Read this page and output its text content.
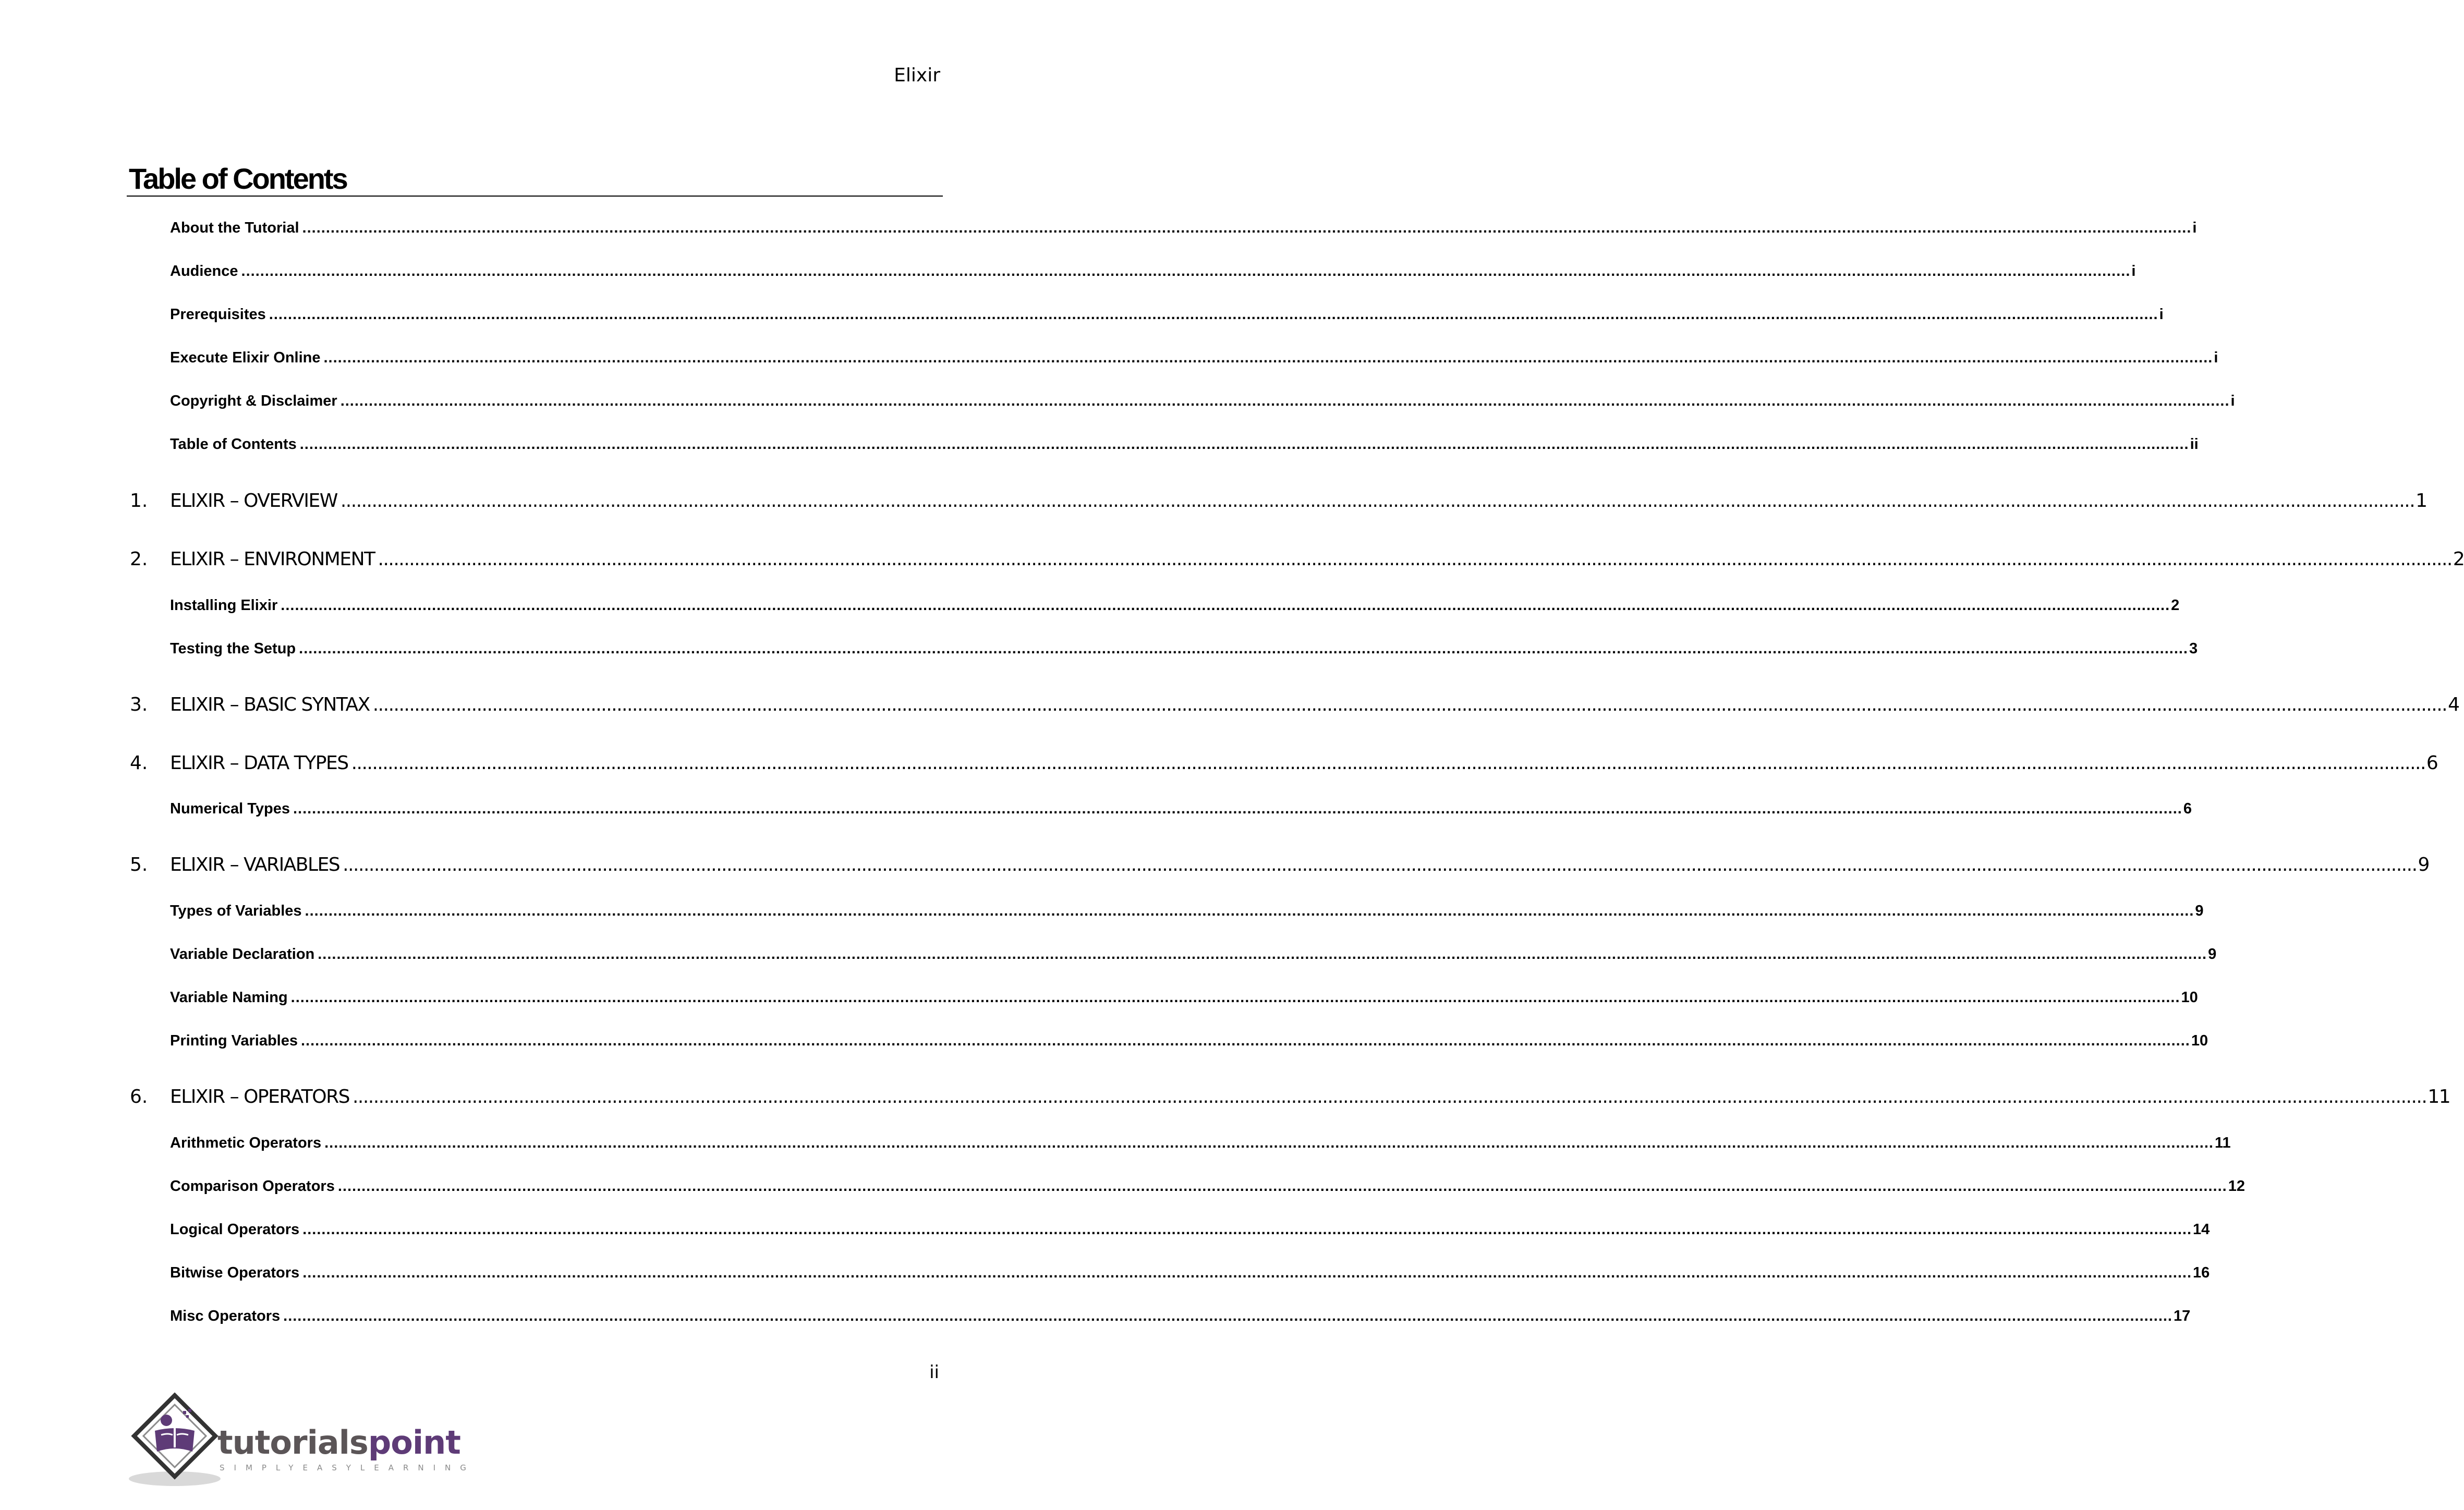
Elixir
Table of Contents
About the Tutorial ................................................................................................................................................................................................................................................................................................................................................................................................................ i
Audience ................................................................................................................................................................................................................................................................................................................................................................................................................ i
Prerequisites ................................................................................................................................................................................................................................................................................................................................................................................................................ i
Execute Elixir Online ................................................................................................................................................................................................................................................................................................................................................................................................................ i
Copyright & Disclaimer ................................................................................................................................................................................................................................................................................................................................................................................................................ i
Table of Contents ................................................................................................................................................................................................................................................................................................................................................................................................................ ii
1. ELIXIR – OVERVIEW ................................................................................................................................................................................................................................................................................................................................................................................................................ 1
2. ELIXIR – ENVIRONMENT ................................................................................................................................................................................................................................................................................................................................................................................................................ 2
Installing Elixir ................................................................................................................................................................................................................................................................................................................................................................................................................ 2
Testing the Setup ................................................................................................................................................................................................................................................................................................................................................................................................................ 3
3. ELIXIR – BASIC SYNTAX ................................................................................................................................................................................................................................................................................................................................................................................................................ 4
4. ELIXIR – DATA TYPES ................................................................................................................................................................................................................................................................................................................................................................................................................ 6
Numerical Types ................................................................................................................................................................................................................................................................................................................................................................................................................ 6
5. ELIXIR – VARIABLES ................................................................................................................................................................................................................................................................................................................................................................................................................ 9
Types of Variables ................................................................................................................................................................................................................................................................................................................................................................................................................ 9
Variable Declaration ................................................................................................................................................................................................................................................................................................................................................................................................................ 9
Variable Naming ................................................................................................................................................................................................................................................................................................................................................................................................................ 10
Printing Variables ................................................................................................................................................................................................................................................................................................................................................................................................................ 10
6. ELIXIR – OPERATORS ................................................................................................................................................................................................................................................................................................................................................................................................................ 11
Arithmetic Operators ................................................................................................................................................................................................................................................................................................................................................................................................................ 11
Comparison Operators ................................................................................................................................................................................................................................................................................................................................................................................................................ 12
Logical Operators ................................................................................................................................................................................................................................................................................................................................................................................................................ 14
Bitwise Operators ................................................................................................................................................................................................................................................................................................................................................................................................................ 16
Misc Operators ................................................................................................................................................................................................................................................................................................................................................................................................................ 17
ii
tutorialspoint
SIMPLYEASYLEARNING
